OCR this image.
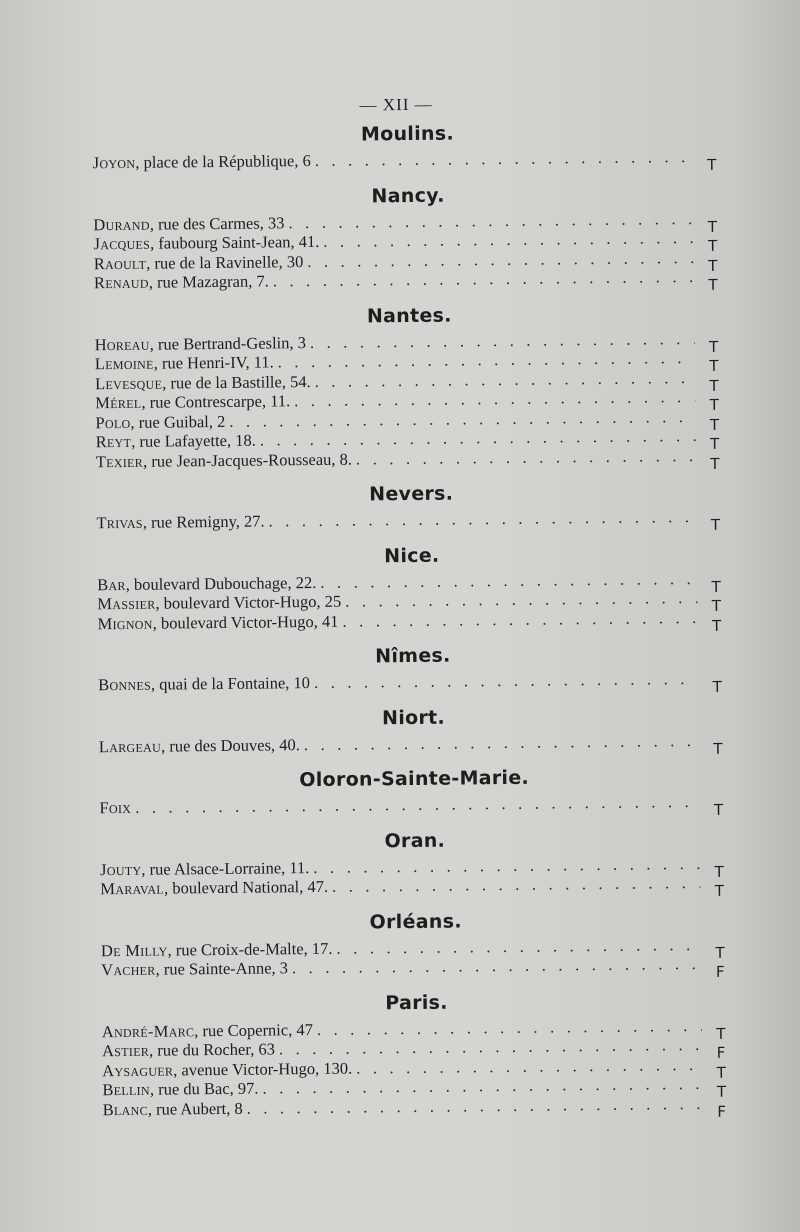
— XII —
Moulins.
Joyon, place de la République, 6 . . .	T
Nancy.
Durand, rue des Carmes, 33 . . .	T
Jacques, faubourg Saint-Jean, 41. . . .	T
Raoult, rue de la Ravinelle, 30 . . .	T
Renaud, rue Mazagran, 7. . . .	T
Nantes.
Horeau, rue Bertrand-Geslin, 3 . . .	T
Lemoine, rue Henri-IV, 11. . . .	T
Levesque, rue de la Bastille, 54. . . .	T
Mérel, rue Contrescarpe, 11. . . .	T
Polo, rue Guibal, 2 . . .	T
Reyt, rue Lafayette, 18. . . .	T
Texier, rue Jean-Jacques-Rousseau, 8. . . .	T
Nevers.
Trivas, rue Remigny, 27. . . .	T
Nice.
Bar, boulevard Dubouchage, 22. . . .	T
Massier, boulevard Victor-Hugo, 25 . . .	T
Mignon, boulevard Victor-Hugo, 41 . . .	T
Nîmes.
Bonnes, quai de la Fontaine, 10 . . .	T
Niort.
Largeau, rue des Douves, 40. . . .	T
Oloron-Sainte-Marie.
Foix . . .	T
Oran.
Jouty, rue Alsace-Lorraine, 11. . . .	T
Maraval, boulevard National, 47. . . .	T
Orléans.
De Milly, rue Croix-de-Malte, 17. . . .	T
Vacher, rue Sainte-Anne, 3 . . .	F
Paris.
André-Marc, rue Copernic, 47 . . .	T
Astier, rue du Rocher, 63 . . .	F
Aysaguer, avenue Victor-Hugo, 130. . . .	T
Bellin, rue du Bac, 97. . . .	T
Blanc, rue Aubert, 8 . . .	F
